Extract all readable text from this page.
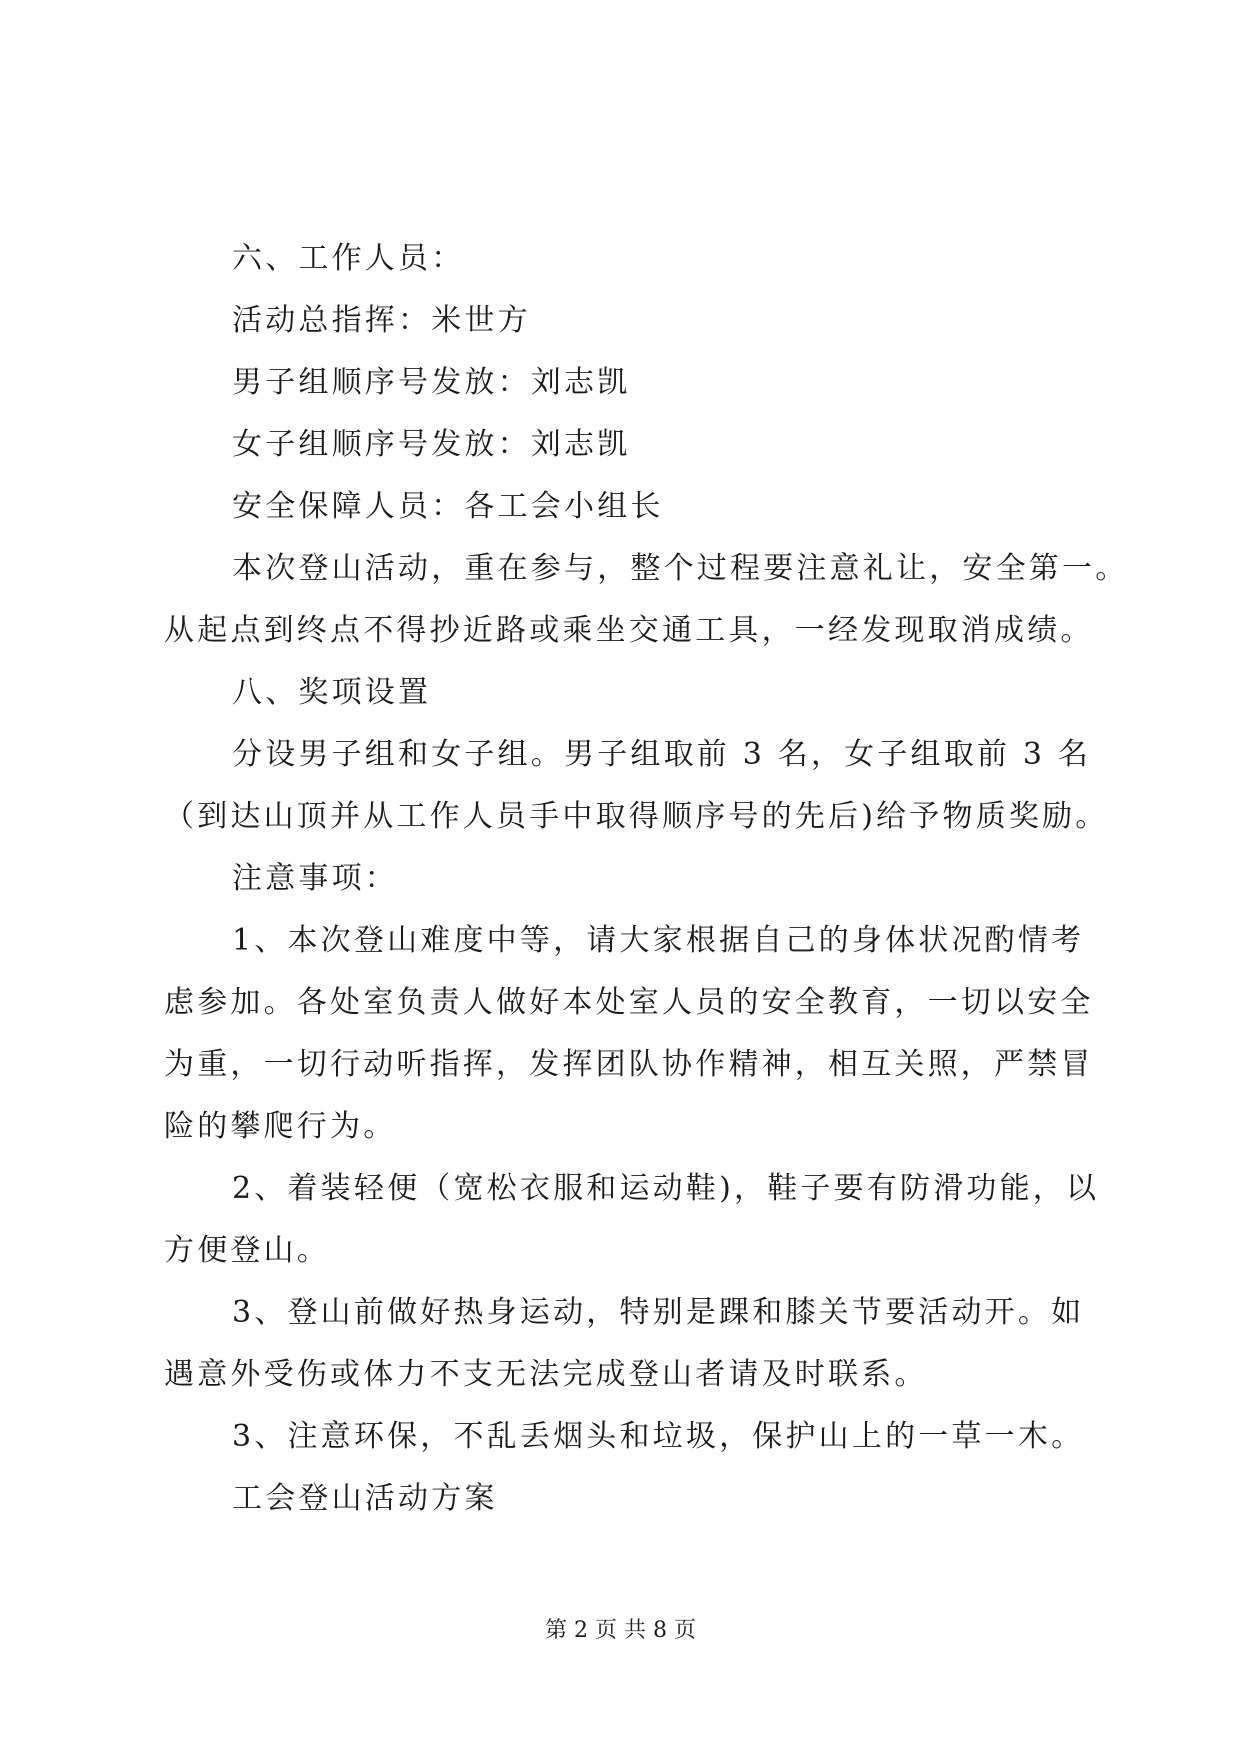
六、工作人员：
活动总指挥：米世方
男子组顺序号发放：刘志凯
女子组顺序号发放：刘志凯
安全保障人员：各工会小组长
本次登山活动，重在参与，整个过程要注意礼让，安全第一。
从起点到终点不得抄近路或乘坐交通工具，一经发现取消成绩。
八、奖项设置
分设男子组和女子组。男子组取前 3 名，女子组取前 3 名
（到达山顶并从工作人员手中取得顺序号的先后)给予物质奖励。
注意事项：
1、本次登山难度中等，请大家根据自己的身体状况酌情考
虑参加。各处室负责人做好本处室人员的安全教育，一切以安全
为重，一切行动听指挥，发挥团队协作精神，相互关照，严禁冒
险的攀爬行为。
2、着装轻便（宽松衣服和运动鞋)，鞋子要有防滑功能，以
方便登山。
3、登山前做好热身运动，特别是踝和膝关节要活动开。如
遇意外受伤或体力不支无法完成登山者请及时联系。
3、注意环保，不乱丢烟头和垃圾，保护山上的一草一木。
工会登山活动方案
第 2 页 共 8 页
